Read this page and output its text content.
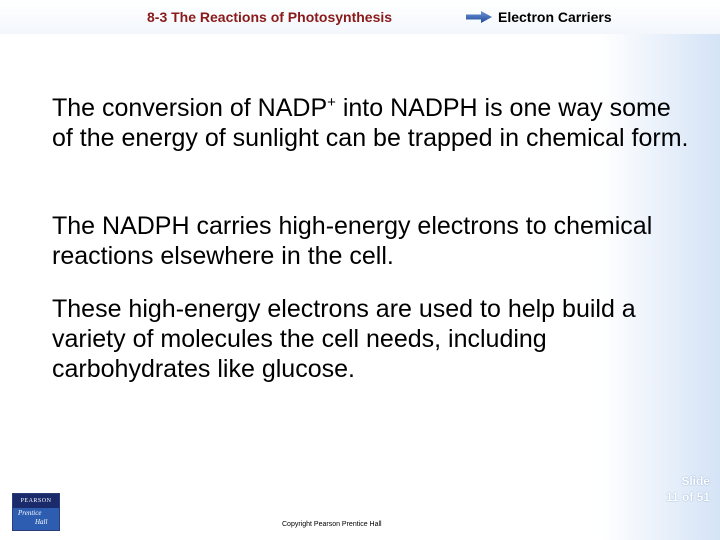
8-3 The Reactions of Photosynthesis	Electron Carriers
The conversion of NADP+ into NADPH is one way some of the energy of sunlight can be trapped in chemical form.
The NADPH carries high-energy electrons to chemical reactions elsewhere in the cell.
These high-energy electrons are used to help build a variety of molecules the cell needs, including carbohydrates like glucose.
Slide
11 of 51
Copyright Pearson Prentice Hall
PEARSON
Prentice
Hall
